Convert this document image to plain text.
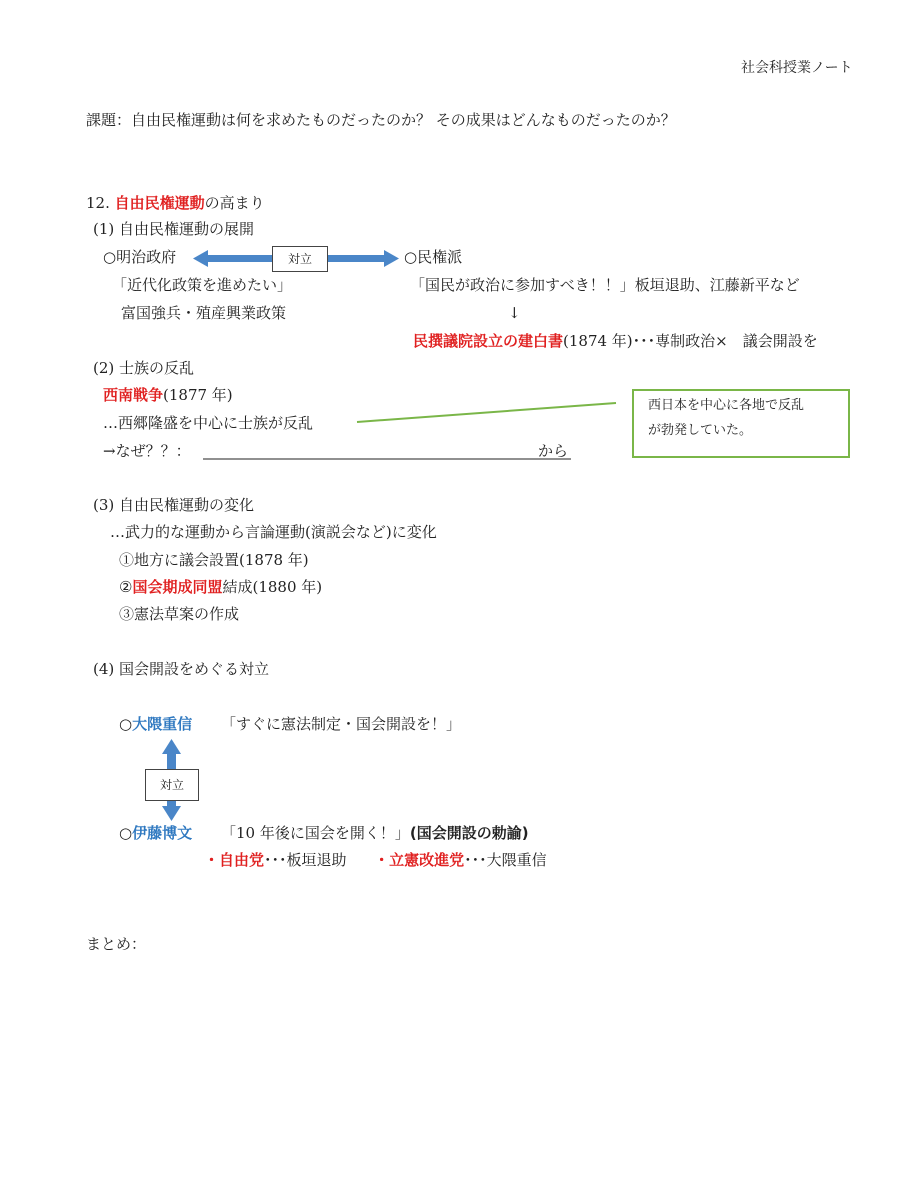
社会科授業ノート
課題：自由民権運動は何を求めたものだったのか？ その成果はどんなものだったのか？
12. 自由民権運動の高まり
(1) 自由民権運動の展開
○明治政府	対立	○民権派
「近代化政策を進めたい」
富国強兵・殖産興業政策
「国民が政治に参加すべき！！」板垣退助、江藤新平など
↓
民撰議院設立の建白書(1874 年)･･･専制政治×　議会開設を
(2) 士族の反乱
西南戦争(1877 年)
…西郷隆盛を中心に士族が反乱
→なぜ？？：	から
西日本を中心に各地で反乱
が勃発していた。
(3) 自由民権運動の変化
…武力的な運動から言論運動(演説会など)に変化
①地方に議会設置(1878 年)
②国会期成同盟結成(1880 年)
③憲法草案の作成
(4) 国会開設をめぐる対立
○大隈重信 「すぐに憲法制定・国会開設を！」
対立
○伊藤博文 「10 年後に国会を開く！」(国会開設の勅諭)
・自由党･･･板垣退助 ・立憲改進党･･･大隈重信
まとめ：
